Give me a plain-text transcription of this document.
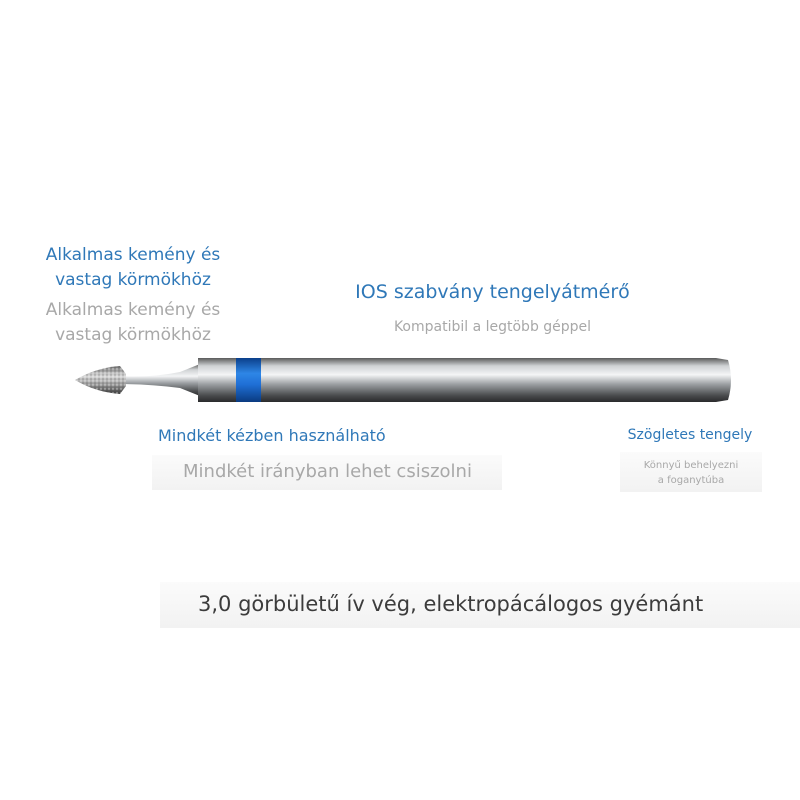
Alkalmas kemény és
vastag körmökhöz
Alkalmas kemény és
vastag körmökhöz
IOS szabvány tengelyátmérő
Kompatibil a legtöbb géppel
Mindkét kézben használható
Mindkét irányban lehet csiszolni
Szögletes tengely
Könnyű behelyezni
a foganytúba
3,0 görbületű ív vég, elektropácálogos gyémánt
